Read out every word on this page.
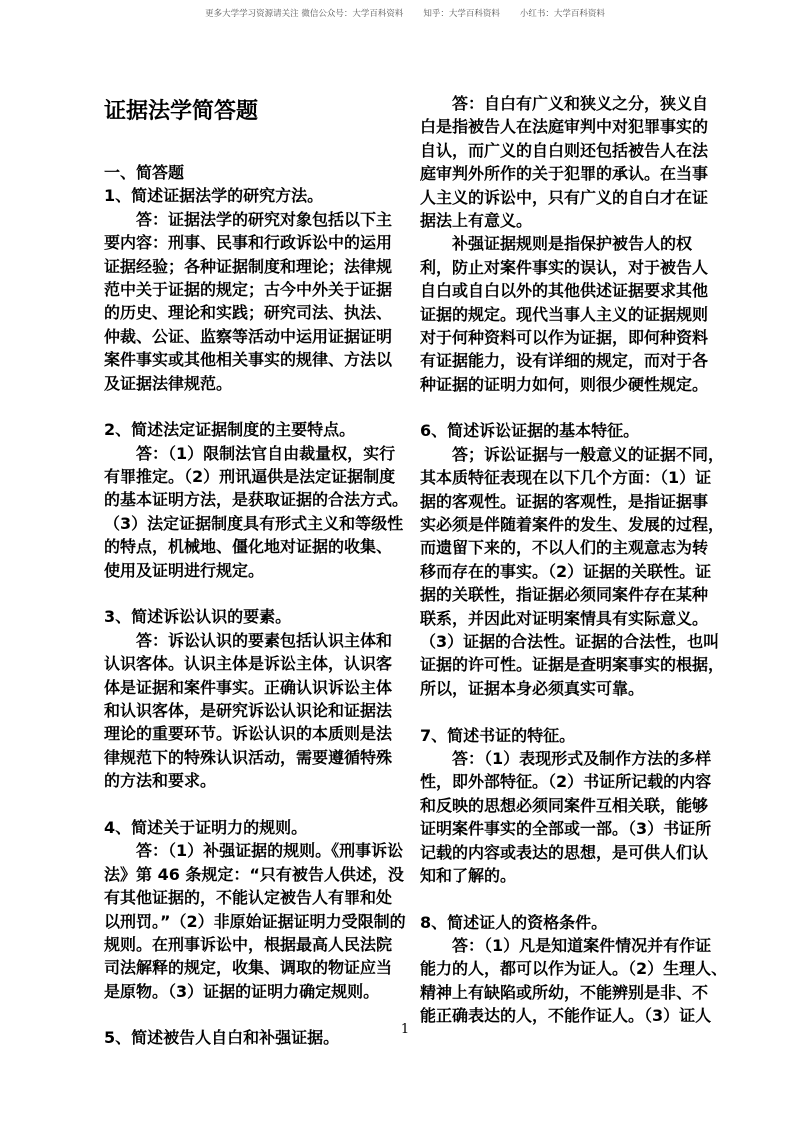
更多大学学习资源请关注 微信公众号：大学百科资料 知乎：大学百科资料 小红书：大学百科资料
证据法学简答题
一、简答题
1、简述证据法学的研究方法。
答：证据法学的研究对象包括以下主
要内容：刑事、民事和行政诉讼中的运用
证据经验；各种证据制度和理论；法律规
范中关于证据的规定；古今中外关于证据
的历史、理论和实践；研究司法、执法、
仲裁、公证、监察等活动中运用证据证明
案件事实或其他相关事实的规律、方法以
及证据法律规范。
2、简述法定证据制度的主要特点。
答：（1）限制法官自由裁量权，实行
有罪推定。（2）刑讯逼供是法定证据制度
的基本证明方法，是获取证据的合法方式。
（3）法定证据制度具有形式主义和等级性
的特点，机械地、僵化地对证据的收集、
使用及证明进行规定。
3、简述诉讼认识的要素。
答：诉讼认识的要素包括认识主体和
认识客体。认识主体是诉讼主体，认识客
体是证据和案件事实。正确认识诉讼主体
和认识客体，是研究诉讼认识论和证据法
理论的重要环节。诉讼认识的本质则是法
律规范下的特殊认识活动，需要遵循特殊
的方法和要求。
4、简述关于证明力的规则。
答：（1）补强证据的规则。《刑事诉讼
法》第 46 条规定：“只有被告人供述，没
有其他证据的，不能认定被告人有罪和处
以刑罚。”（2）非原始证据证明力受限制的
规则。在刑事诉讼中，根据最高人民法院
司法解释的规定，收集、调取的物证应当
是原物。（3）证据的证明力确定规则。
5、简述被告人自白和补强证据。
答：自白有广义和狭义之分，狭义自
白是指被告人在法庭审判中对犯罪事实的
自认，而广义的自白则还包括被告人在法
庭审判外所作的关于犯罪的承认。在当事
人主义的诉讼中，只有广义的自白才在证
据法上有意义。
补强证据规则是指保护被告人的权
利，防止对案件事实的误认，对于被告人
自白或自白以外的其他供述证据要求其他
证据的规定。现代当事人主义的证据规则
对于何种资料可以作为证据，即何种资料
有证据能力，设有详细的规定，而对于各
种证据的证明力如何，则很少硬性规定。
6、简述诉讼证据的基本特征。
答；诉讼证据与一般意义的证据不同，
其本质特征表现在以下几个方面：（1）证
据的客观性。证据的客观性，是指证据事
实必须是伴随着案件的发生、发展的过程，
而遗留下来的，不以人们的主观意志为转
移而存在的事实。（2）证据的关联性。证
据的关联性，指证据必须同案件存在某种
联系，并因此对证明案情具有实际意义。
（3）证据的合法性。证据的合法性，也叫
证据的许可性。证据是查明案事实的根据，
所以，证据本身必须真实可靠。
7、简述书证的特征。
答：（1）表现形式及制作方法的多样
性，即外部特征。（2）书证所记载的内容
和反映的思想必须同案件互相关联，能够
证明案件事实的全部或一部。（3）书证所
记载的内容或表达的思想，是可供人们认
知和了解的。
8、简述证人的资格条件。
答：（1）凡是知道案件情况并有作证
能力的人，都可以作为证人。（2）生理人、
精神上有缺陷或所幼，不能辨别是非、不
能正确表达的人，不能作证人。（3）证人
1
